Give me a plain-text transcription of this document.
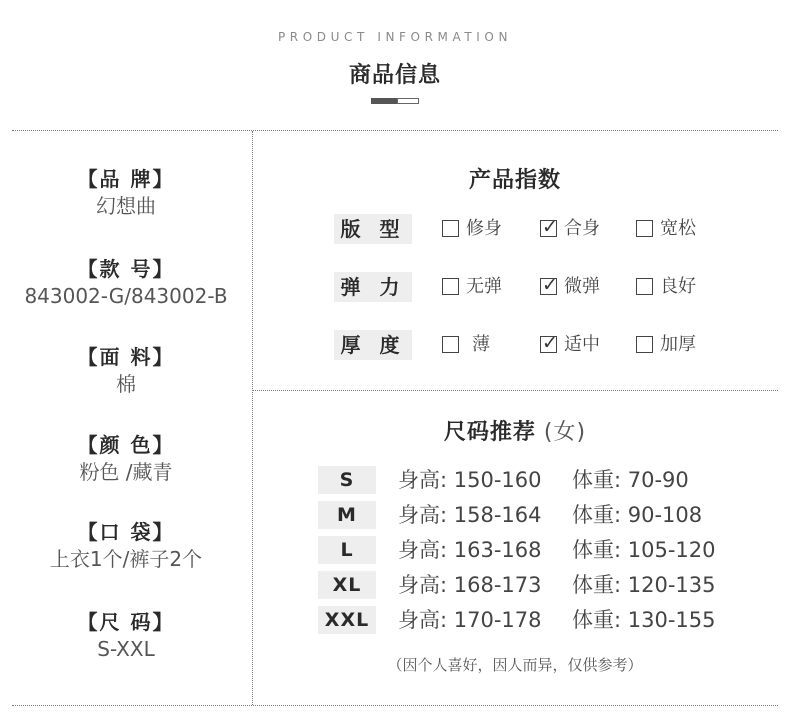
PRODUCT INFORMATION
商品信息
【品 牌】
幻想曲
【款 号】
843002-G/843002-B
【面 料】
棉
【颜 色】
粉色 /藏青
【口 袋】
上衣1个/裤子2个
【尺 码】
S-XXL
产品指数
版 型	修身 ✓ 合身	宽松
弹 力	无弹 ✓ 微弹	良好
厚 度	薄	✓ 适中	加厚
尺码推荐 (女)
S	身高: 150-160 体重: 70-90
M	身高: 158-164 体重: 90-108
L	身高: 163-168 体重: 105-120
XL	身高: 168-173 体重: 120-135
XXL	身高: 170-178 体重: 130-155
（因个人喜好，因人而异，仅供参考）
